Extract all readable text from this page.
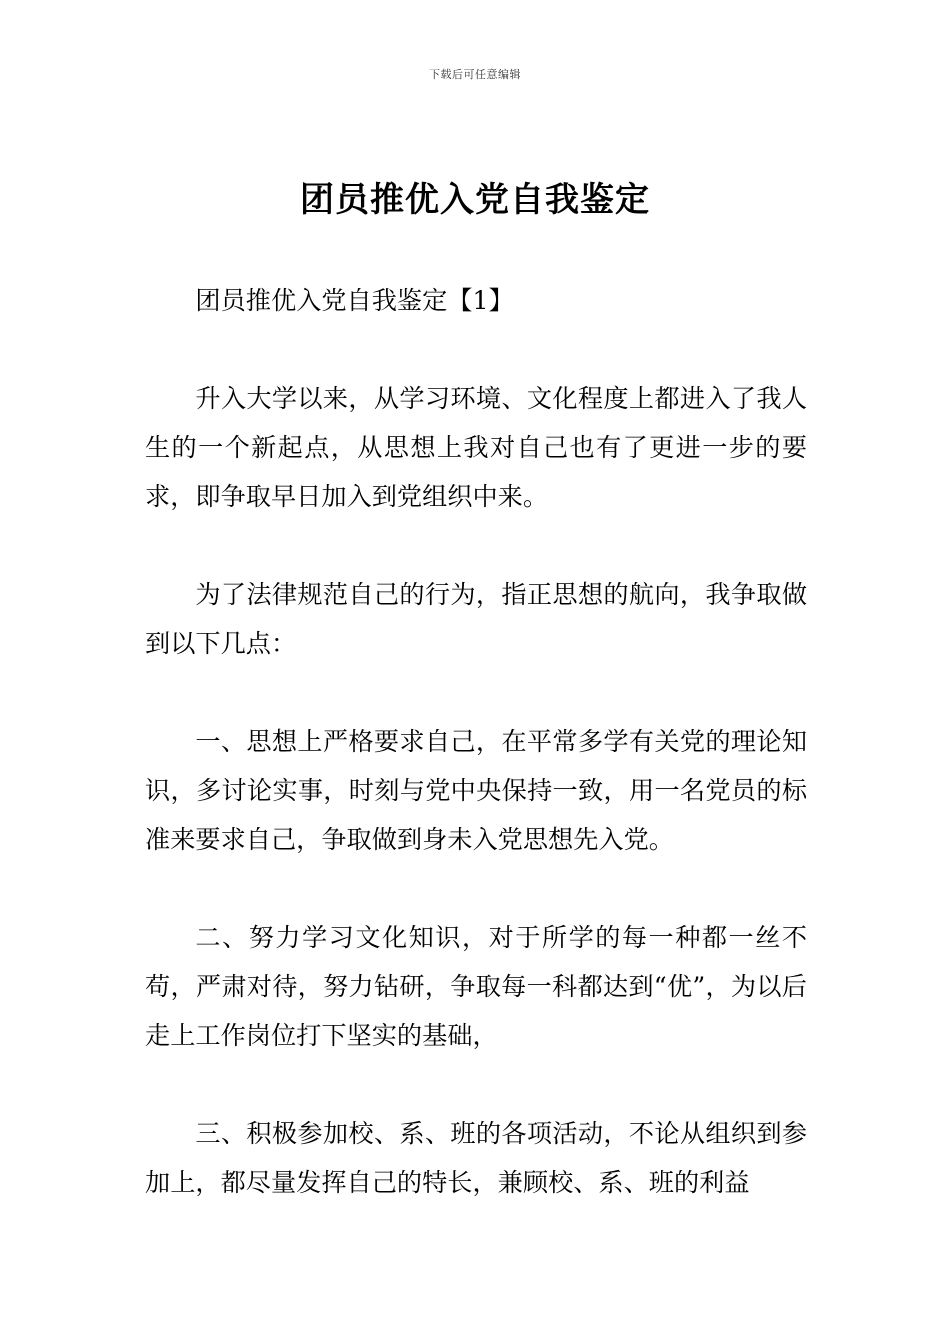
下载后可任意编辑
团员推优入党自我鉴定

团员推优入党自我鉴定【1】

升入大学以来，从学习环境、文化程度上都进入了我人生的一个新起点，从思想上我对自己也有了更进一步的要求，即争取早日加入到党组织中来。

为了法律规范自己的行为，指正思想的航向，我争取做到以下几点：

一、思想上严格要求自己，在平常多学有关党的理论知识，多讨论实事，时刻与党中央保持一致，用一名党员的标准来要求自己，争取做到身未入党思想先入党。

二、努力学习文化知识，对于所学的每一种都一丝不苟，严肃对待，努力钻研，争取每一科都达到“优”，为以后走上工作岗位打下坚实的基础，

三、积极参加校、系、班的各项活动，不论从组织到参加上，都尽量发挥自己的特长，兼顾校、系、班的利益
